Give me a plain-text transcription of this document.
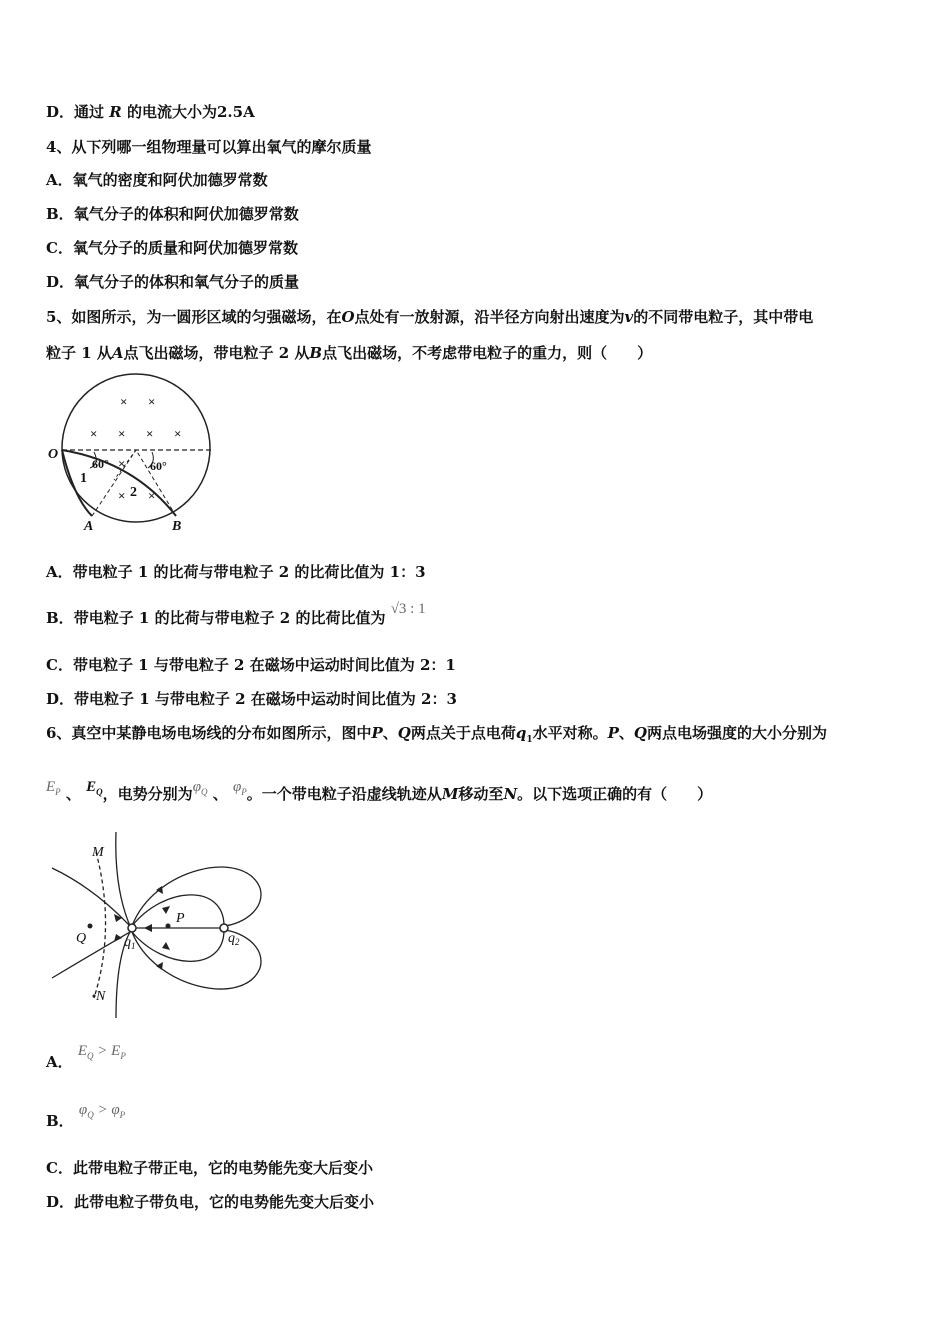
D．通过 R 的电流大小为2.5A
4、从下列哪一组物理量可以算出氧气的摩尔质量
A．氧气的密度和阿伏加德罗常数
B．氧气分子的体积和阿伏加德罗常数
C．氧气分子的质量和阿伏加德罗常数
D．氧气分子的体积和氧气分子的质量
5、如图所示，为一圆形区域的匀强磁场，在O点处有一放射源，沿半径方向射出速度为v的不同带电粒子，其中带电
粒子 1 从A点飞出磁场，带电粒子 2 从B点飞出磁场，不考虑带电粒子的重力，则（　　）
× ×
× × × ×
×
× ×
O
A	B
1
2
60°	60°
A．带电粒子 1 的比荷与带电粒子 2 的比荷比值为 1：3
B．带电粒子 1 的比荷与带电粒子 2 的比荷比值为 √3 : 1
C．带电粒子 1 与带电粒子 2 在磁场中运动时间比值为 2：1
D．带电粒子 1 与带电粒子 2 在磁场中运动时间比值为 2：3
6、真空中某静电场电场线的分布如图所示，图中P、Q两点关于点电荷$q_1$水平对称。P、Q两点电场强度的大小分别为
$E_P$ 、 $E_Q$，电势分别为$\varphi_Q$ 、 $\varphi_P$。一个带电粒子沿虚线轨迹从M移动至N。以下选项正确的有（　　）
M
N
P
Q	$q_1$	$q_2$
A． $E_Q > E_P$
B． $\varphi_Q > \varphi_P$
C．此带电粒子带正电，它的电势能先变大后变小
D．此带电粒子带负电，它的电势能先变大后变小
